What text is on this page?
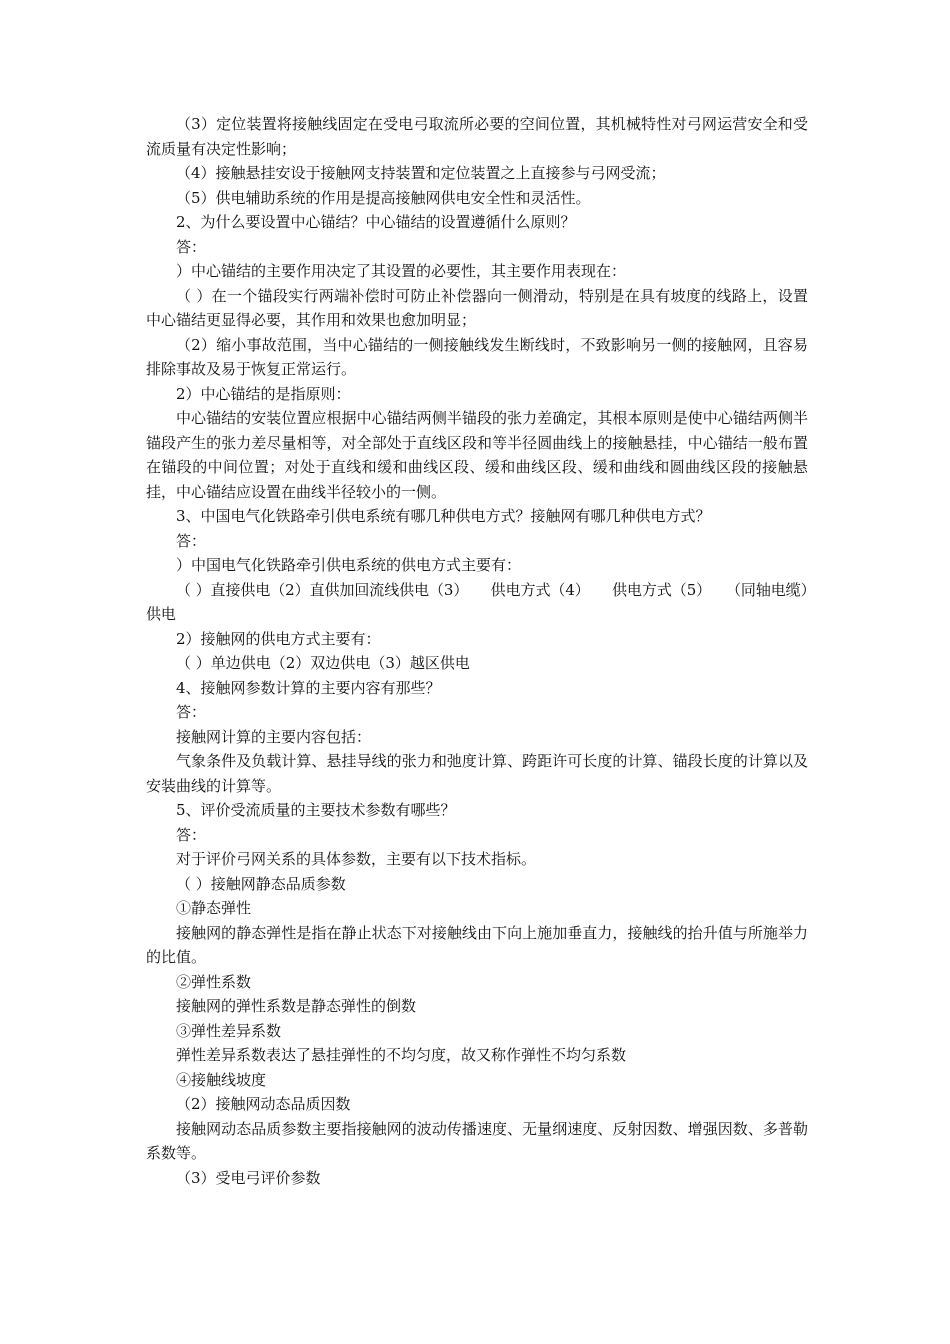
（3）定位装置将接触线固定在受电弓取流所必要的空间位置，其机械特性对弓网运营安全和受流质量有决定性影响；

（4）接触悬挂安设于接触网支持装置和定位装置之上直接参与弓网受流；

（5）供电辅助系统的作用是提高接触网供电安全性和灵活性。

2、为什么要设置中心锚结？中心锚结的设置遵循什么原则？

答：

）中心锚结的主要作用决定了其设置的必要性，其主要作用表现在：

（ ）在一个锚段实行两端补偿时可防止补偿器向一侧滑动，特别是在具有坡度的线路上，设置中心锚结更显得必要，其作用和效果也愈加明显；

（2）缩小事故范围，当中心锚结的一侧接触线发生断线时，不致影响另一侧的接触网，且容易排除事故及易于恢复正常运行。

2）中心锚结的是指原则：

中心锚结的安装位置应根据中心锚结两侧半锚段的张力差确定，其根本原则是使中心锚结两侧半锚段产生的张力差尽量相等，对全部处于直线区段和等半径圆曲线上的接触悬挂，中心锚结一般布置在锚段的中间位置；对处于直线和缓和曲线区段、缓和曲线区段、缓和曲线和圆曲线区段的接触悬挂，中心锚结应设置在曲线半径较小的一侧。

3、中国电气化铁路牵引供电系统有哪几种供电方式？接触网有哪几种供电方式？

答：

）中国电气化铁路牵引供电系统的供电方式主要有：

（ ）直接供电（2）直供加回流线供电（3）　　供电方式（4）　　供电方式（5）　　（同轴电缆）供电

2）接触网的供电方式主要有：

（ ）单边供电（2）双边供电（3）越区供电

4、接触网参数计算的主要内容有那些？

答：

接触网计算的主要内容包括：

气象条件及负载计算、悬挂导线的张力和弛度计算、跨距许可长度的计算、锚段长度的计算以及安装曲线的计算等。

5、评价受流质量的主要技术参数有哪些？

答：

对于评价弓网关系的具体参数，主要有以下技术指标。

（ ）接触网静态品质参数

①静态弹性

接触网的静态弹性是指在静止状态下对接触线由下向上施加垂直力，接触线的抬升值与所施举力的比值。

②弹性系数

接触网的弹性系数是静态弹性的倒数

③弹性差异系数

弹性差异系数表达了悬挂弹性的不均匀度，故又称作弹性不均匀系数

④接触线坡度

（2）接触网动态品质因数

接触网动态品质参数主要指接触网的波动传播速度、无量纲速度、反射因数、增强因数、多普勒系数等。

（3）受电弓评价参数
